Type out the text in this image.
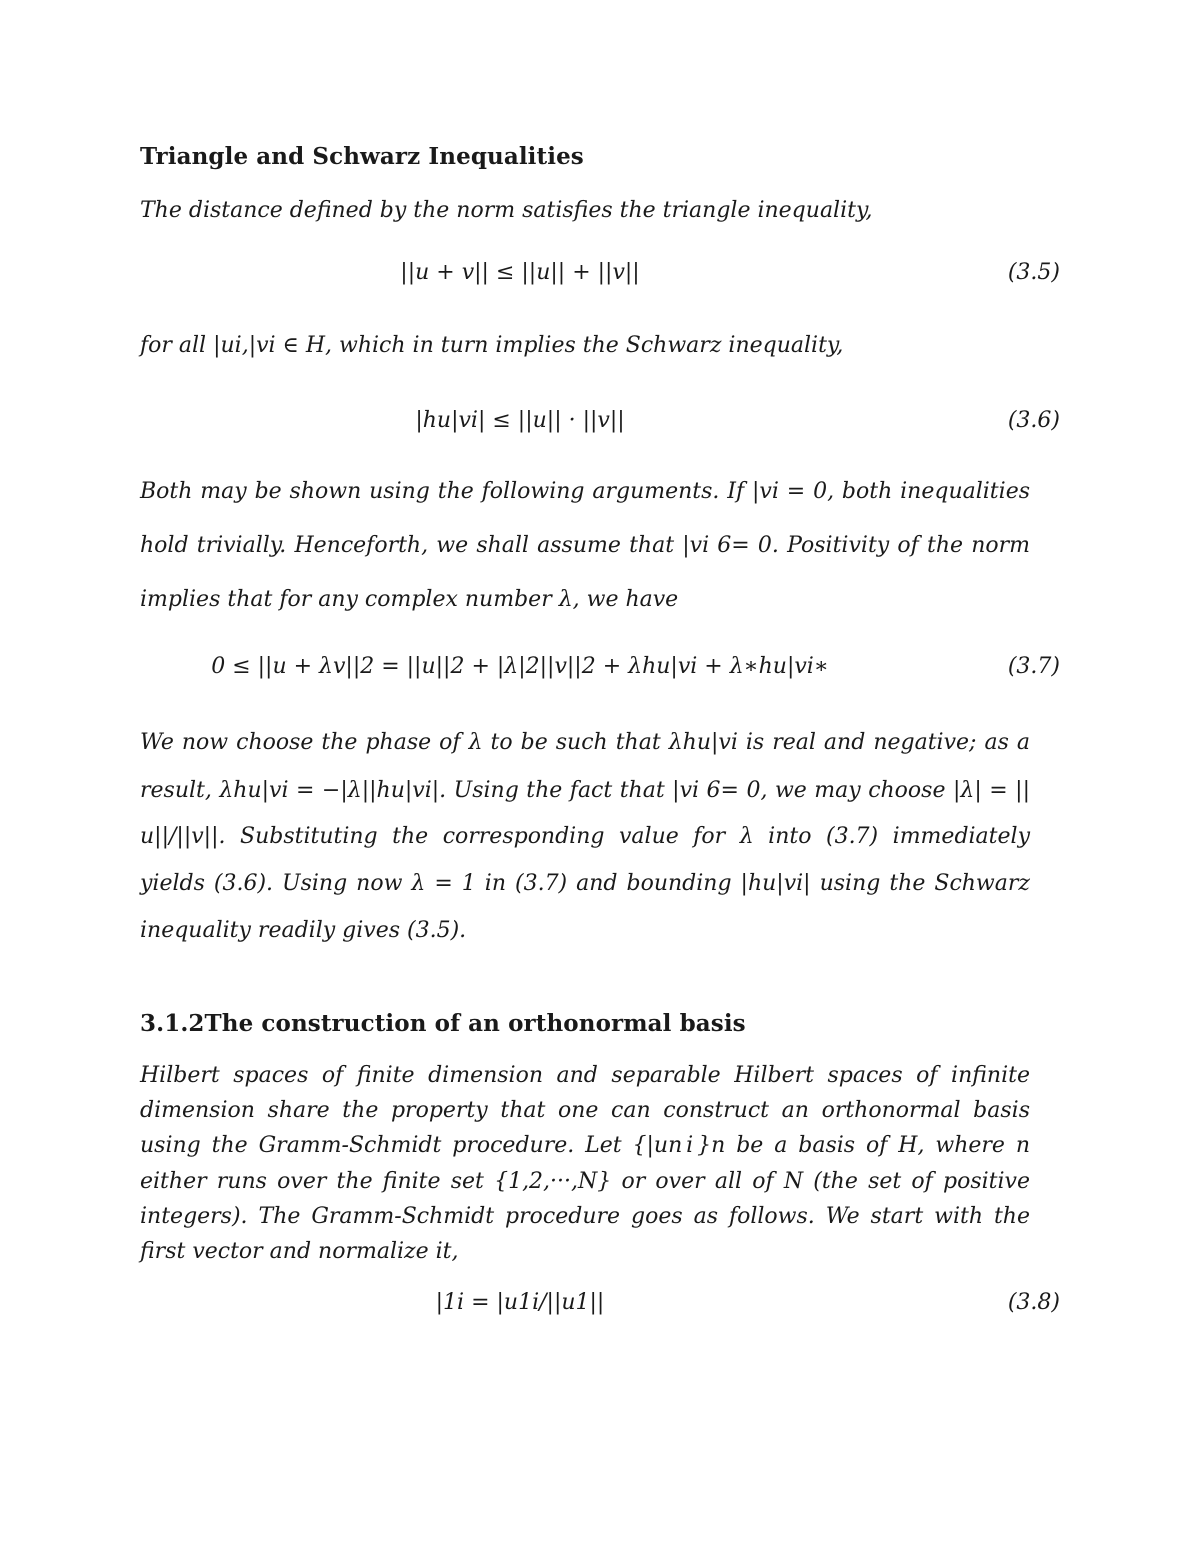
Triangle and Schwarz Inequalities

The distance defined by the norm satisfies the triangle inequality,

||u + v|| ≤ ||u|| + ||v||	(3.5)

for all |ui,|vi ∈ H, which in turn implies the Schwarz inequality,

|hu|vi| ≤ ||u|| · ||v||	(3.6)

Both may be shown using the following arguments. If |vi = 0, both inequalities

hold trivially. Henceforth, we shall assume that |vi 6= 0. Positivity of the norm

implies that for any complex number λ, we have

0 ≤ ||u + λv||2 = ||u||2 + |λ|2||v||2 + λhu|vi + λ∗hu|vi∗	(3.7)

We now choose the phase of λ to be such that λhu|vi is real and negative; as a

result, λhu|vi = −|λ||hu|vi|. Using the fact that |vi 6= 0, we may choose |λ| = ||

u||/||v||. Substituting the corresponding value for λ into (3.7) immediately

yields (3.6). Using now λ = 1 in (3.7) and bounding |hu|vi| using the Schwarz

inequality readily gives (3.5).

3.1.2The construction of an orthonormal basis

Hilbert spaces of finite dimension and separable Hilbert spaces of infinite

dimension share the property that one can construct an orthonormal basis

using the Gramm-Schmidt procedure. Let {|unⅰ}n be a basis of H, where n

either runs over the finite set {1,2,···,N} or over all of N (the set of positive

integers). The Gramm-Schmidt procedure goes as follows. We start with the

first vector and normalize it,

|1i = |u1i/||u1||	(3.8)
